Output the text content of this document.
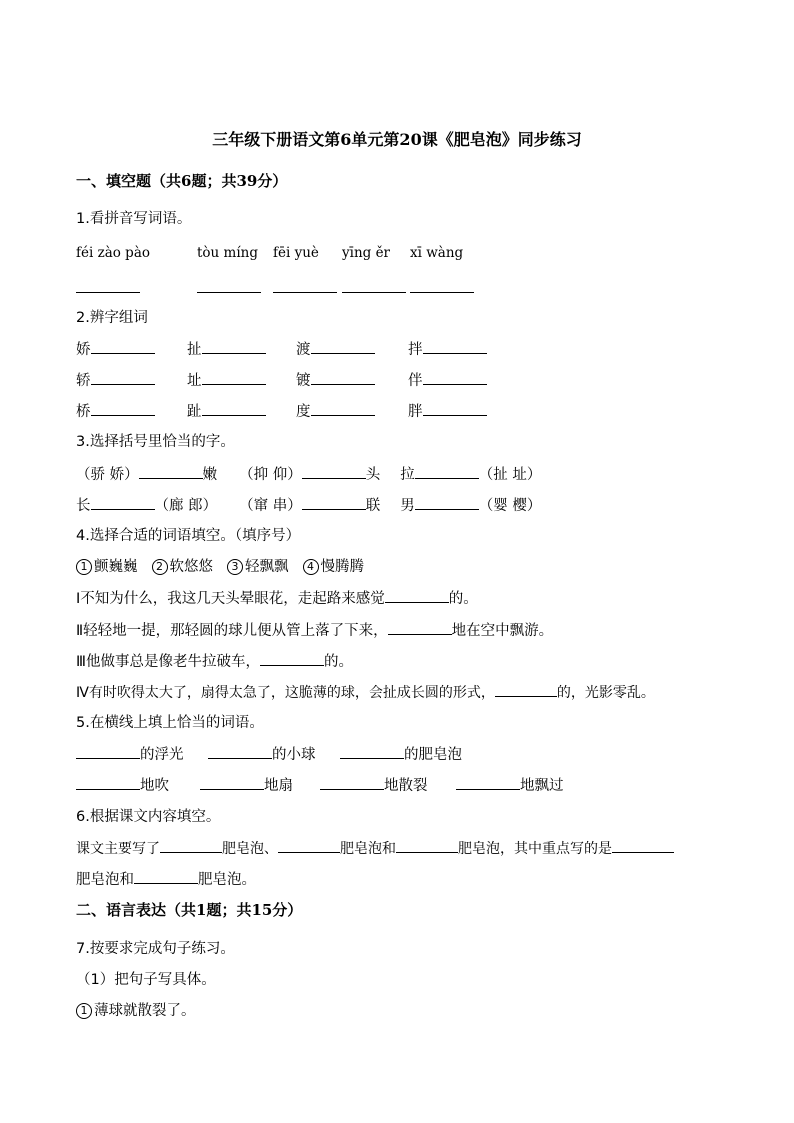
三年级下册语文第6单元第20课《肥皂泡》同步练习
一、填空题（共6题；共39分）
1.看拼音写词语。
féi zào pào	tòu míng fēi yuè yīng ěr xī wàng
2.辨字组词
娇	扯	渡	拌
轿	址	镀	伴
桥	趾	度	胖
3.选择括号里恰当的字。
（骄 娇）	嫩 （抑 仰）	头 拉	（扯 址）
长	（廊 郎） （窜 串）	联 男	（婴 樱）
4.选择合适的词语填空。（填序号）
1 颤巍巍 2 软悠悠 3 轻飘飘 4 慢腾腾
Ⅰ不知为什么，我这几天头晕眼花，走起路来感觉	的。
Ⅱ轻轻地一提，那轻圆的球儿便从管上落了下来，	地在空中飘游。
Ⅲ他做事总是像老牛拉破车，	的。
Ⅳ有时吹得太大了，扇得太急了，这脆薄的球，会扯成长圆的形式，	的，光影零乱。
5.在横线上填上恰当的词语。
的浮光	的小球	的肥皂泡
地吹	地扇	地散裂	地飘过
6.根据课文内容填空。
课文主要写了	肥皂泡、	肥皂泡和	肥皂泡，其中重点写的是
肥皂泡和	肥皂泡。
二、语言表达（共1题；共15分）
7.按要求完成句子练习。
（1）把句子写具体。
1 薄球就散裂了。
